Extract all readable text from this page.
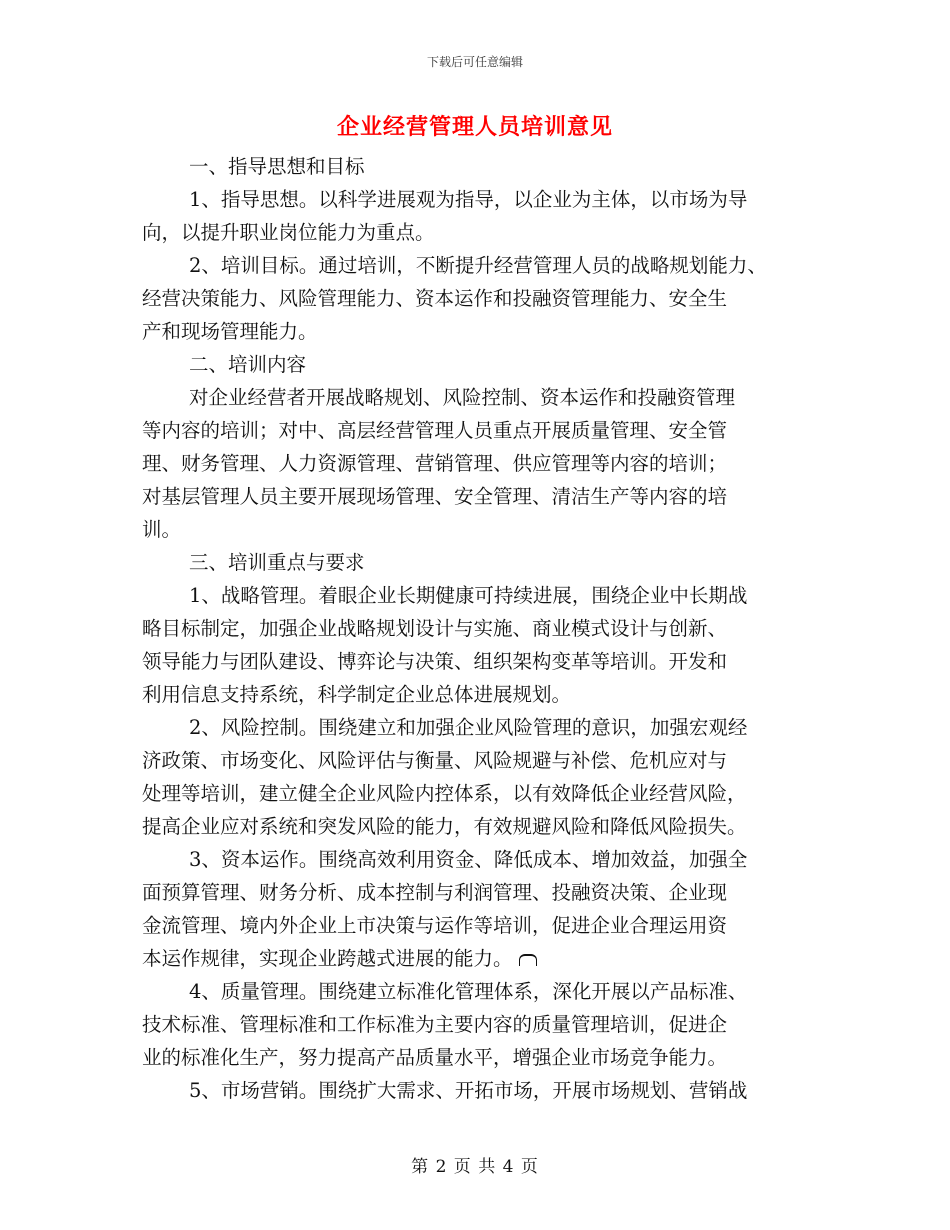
下载后可任意编辑
企业经营管理人员培训意见
一、指导思想和目标
1、指导思想。以科学进展观为指导，以企业为主体，以市场为导
向，以提升职业岗位能力为重点。
2、培训目标。通过培训，不断提升经营管理人员的战略规划能力、
经营决策能力、风险管理能力、资本运作和投融资管理能力、安全生
产和现场管理能力。
二、培训内容
对企业经营者开展战略规划、风险控制、资本运作和投融资管理
等内容的培训；对中、高层经营管理人员重点开展质量管理、安全管
理、财务管理、人力资源管理、营销管理、供应管理等内容的培训；
对基层管理人员主要开展现场管理、安全管理、清洁生产等内容的培
训。
三、培训重点与要求
1、战略管理。着眼企业长期健康可持续进展，围绕企业中长期战
略目标制定，加强企业战略规划设计与实施、商业模式设计与创新、
领导能力与团队建设、博弈论与决策、组织架构变革等培训。开发和
利用信息支持系统，科学制定企业总体进展规划。
2、风险控制。围绕建立和加强企业风险管理的意识，加强宏观经
济政策、市场变化、风险评估与衡量、风险规避与补偿、危机应对与
处理等培训，建立健全企业风险内控体系，以有效降低企业经营风险，
提高企业应对系统和突发风险的能力，有效规避风险和降低风险损失。
3、资本运作。围绕高效利用资金、降低成本、增加效益，加强全
面预算管理、财务分析、成本控制与利润管理、投融资决策、企业现
金流管理、境内外企业上市决策与运作等培训，促进企业合理运用资
本运作规律，实现企业跨越式进展的能力。
4、质量管理。围绕建立标准化管理体系，深化开展以产品标准、
技术标准、管理标准和工作标准为主要内容的质量管理培训，促进企
业的标准化生产，努力提高产品质量水平，增强企业市场竞争能力。
5、市场营销。围绕扩大需求、开拓市场，开展市场规划、营销战
第 2 页 共 4 页
